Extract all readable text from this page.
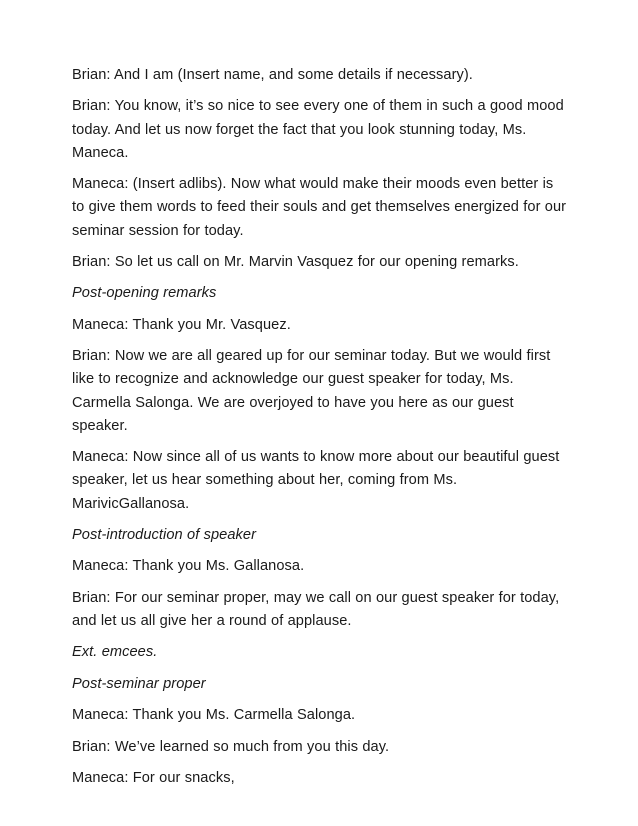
Brian: And I am (Insert name, and some details if necessary).

Brian: You know, it’s so nice to see every one of them in such a good mood today. And let us now forget the fact that you look stunning today, Ms. Maneca.

Maneca: (Insert adlibs). Now what would make their moods even better is to give them words to feed their souls and get themselves energized for our seminar session for today.

Brian: So let us call on Mr. Marvin Vasquez for our opening remarks.

Post-opening remarks

Maneca: Thank you Mr. Vasquez.

Brian: Now we are all geared up for our seminar today. But we would first like to recognize and acknowledge our guest speaker for today, Ms. Carmella Salonga. We are overjoyed to have you here as our guest speaker.

Maneca: Now since all of us wants to know more about our beautiful guest speaker, let us hear something about her, coming from Ms. MarivicGallanosa.

Post-introduction of speaker

Maneca: Thank you Ms. Gallanosa.

Brian: For our seminar proper, may we call on our guest speaker for today, and let us all give her a round of applause.

Ext. emcees.

Post-seminar proper

Maneca: Thank you Ms. Carmella Salonga.

Brian: We’ve learned so much from you this day.

Maneca: For our snacks,
